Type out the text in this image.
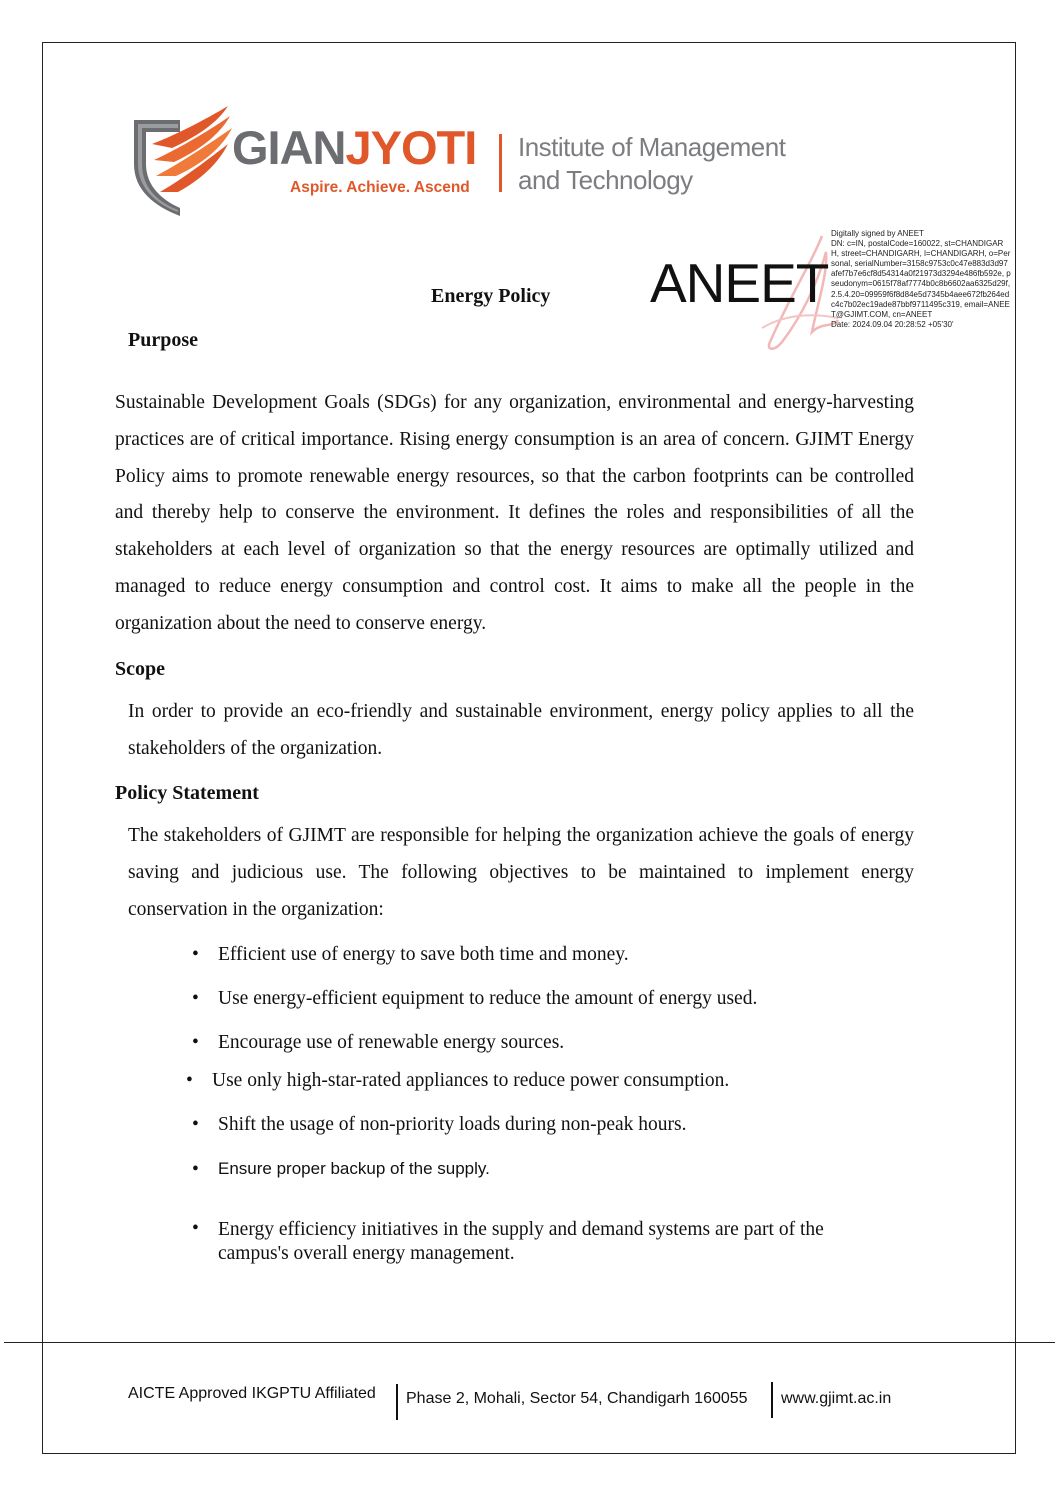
GIANJYOTI
Aspire. Achieve. Ascend
Institute of Management
and Technology
ANEET
Digitally signed by ANEET
DN: c=IN, postalCode=160022, st=CHANDIGARH, street=CHANDIGARH, l=CHANDIGARH, o=Personal, serialNumber=3158c9753c0c47e883d3d97afef7b7e6cf8d54314a0f21973d3294e486fb592e, pseudonym=0615f78af7774b0c8b6602aa6325d29f, 2.5.4.20=09959f6f8d84e5d7345b4aee672fb264edc4c7b02ec19ade87bbf9711495c319, email=ANEET@GJIMT.COM, cn=ANEET
Date: 2024.09.04 20:28:52 +05'30'
Energy Policy
Purpose
Sustainable Development Goals (SDGs) for any organization, environmental and energy-harvesting practices are of critical importance. Rising energy consumption is an area of concern. GJIMT Energy Policy aims to promote renewable energy resources, so that the carbon footprints can be controlled and thereby help to conserve the environment. It defines the roles and responsibilities of all the stakeholders at each level of organization so that the energy resources are optimally utilized and managed to reduce energy consumption and control cost. It aims to make all the people in the organization about the need to conserve energy.
Scope
In order to provide an eco-friendly and sustainable environment, energy policy applies to all the stakeholders of the organization.
Policy Statement
The stakeholders of GJIMT are responsible for helping the organization achieve the goals of energy saving and judicious use. The following objectives to be maintained to implement energy conservation in the organization:
• Efficient use of energy to save both time and money.
• Use energy-efficient equipment to reduce the amount of energy used.
• Encourage use of renewable energy sources.
• Use only high-star-rated appliances to reduce power consumption.
• Shift the usage of non-priority loads during non-peak hours.
•	Ensure proper backup of the supply.
• Energy efficiency initiatives in the supply and demand systems are part of the campus's overall energy management.
AICTE Approved IKGPTU Affiliated Phase 2, Mohali, Sector 54, Chandigarh 160055 www.gjimt.ac.in
